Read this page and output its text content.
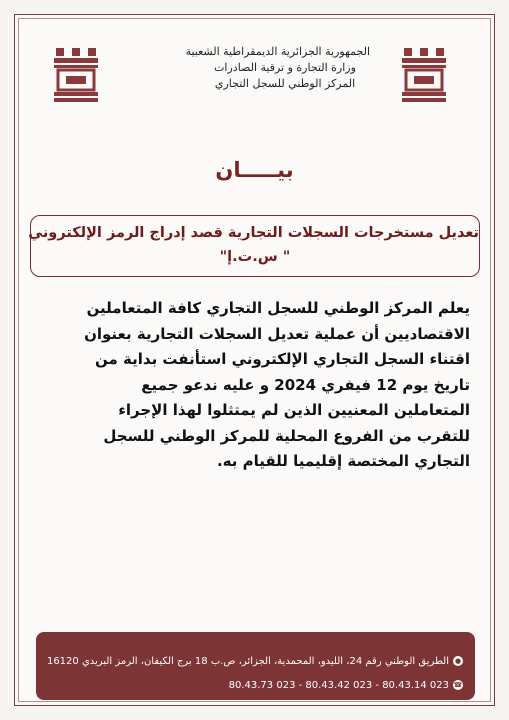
الجمهورية الجزائرية الديمقراطية الشعبية
وزارة التجارة و ترقية الصادرات
المركز الوطني للسجل التجاري
بيـــــان
تعديل مستخرجات السجلات التجارية قصد إدراج الرمز الإلكتروني
" س.ت.إ"
يعلم المركز الوطني للسجل التجاري كافة المتعاملين
الاقتصاديين أن عملية تعديل السجلات التجارية بعنوان
اقتناء السجل التجاري الإلكتروني استأنفت بداية من
تاريخ يوم 12 فيفري 2024 و عليه ندعو جميع
المتعاملين المعنيين الذين لم يمتثلوا لهذا الإجراء
للتقرب من الفروع المحلية للمركز الوطني للسجل
التجاري المختصة إقليميا للقيام به.
●الطريق الوطني رقم 24، الليدو، المحمدية، الجزائر، ص.ب 18 برج الكيفان، الرمز البريدي 16120
☎023 80.43.14 - 023 80.43.42 - 023 80.43.73
